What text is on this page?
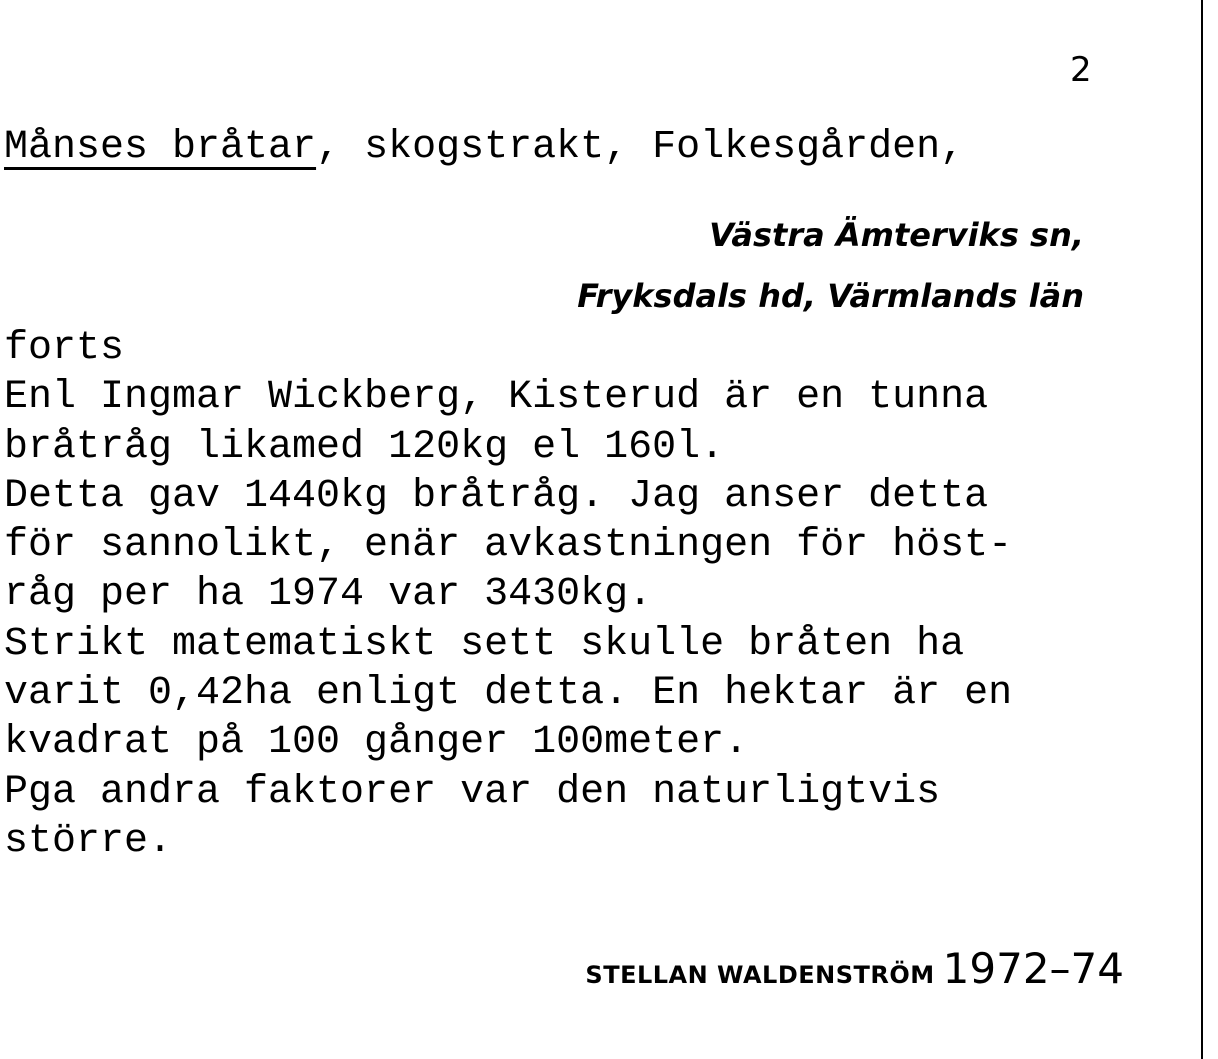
2
Månses bråtar, skogstrakt, Folkesgården,
Västra Ämterviks sn,
Fryksdals hd, Värmlands län
forts
Enl Ingmar Wickberg, Kisterud är en tunna
bråtråg likamed 120kg el 160l.
Detta gav 1440kg bråtråg. Jag anser detta
för sannolikt, enär avkastningen för höst-
råg per ha 1974 var 3430kg.
Strikt matematiskt sett skulle bråten ha
varit 0,42ha enligt detta. En hektar är en
kvadrat på 100 gånger 100meter.
Pga andra faktorer var den naturligtvis
större.
STELLAN WALDENSTRÖM 1972–74
